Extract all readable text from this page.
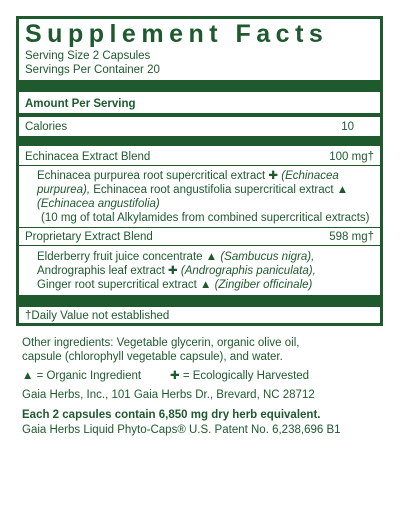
Supplement Facts
Serving Size 2 Capsules
Servings Per Container 20
Amount Per Serving
Calories	10
Echinacea Extract Blend	100 mg†
Echinacea purpurea root supercritical extract ✚ (Echinacea
purpurea), Echinacea root angustifolia supercritical extract ▲
(Echinacea angustifolia)
(10 mg of total Alkylamides from combined supercritical extracts)
Proprietary Extract Blend	598 mg†
Elderberry fruit juice concentrate ▲ (Sambucus nigra),
Andrographis leaf extract ✚ (Andrographis paniculata),
Ginger root supercritical extract ▲ (Zingiber officinale)
†Daily Value not established
Other ingredients: Vegetable glycerin, organic olive oil,
capsule (chlorophyll vegetable capsule), and water.
▲ = Organic Ingredient	✚ = Ecologically Harvested
Gaia Herbs, Inc., 101 Gaia Herbs Dr., Brevard, NC 28712
Each 2 capsules contain 6,850 mg dry herb equivalent.
Gaia Herbs Liquid Phyto-Caps® U.S. Patent No. 6,238,696 B1
